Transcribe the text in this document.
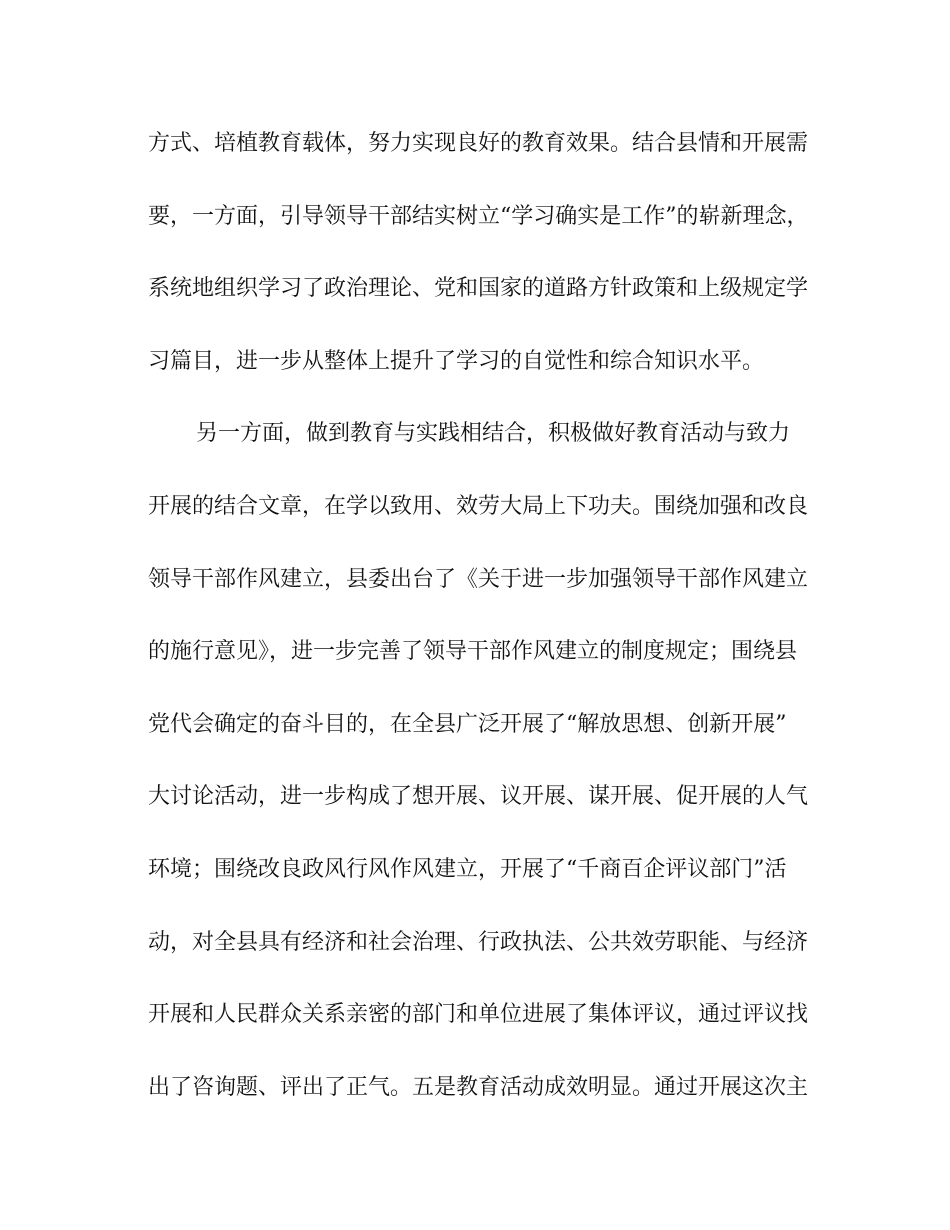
方式、培植教育载体，努力实现良好的教育效果。结合县情和开展需
要，一方面，引导领导干部结实树立“学习确实是工作”的崭新理念，
系统地组织学习了政治理论、党和国家的道路方针政策和上级规定学
习篇目，进一步从整体上提升了学习的自觉性和综合知识水平。
另一方面，做到教育与实践相结合，积极做好教育活动与致力
开展的结合文章，在学以致用、效劳大局上下功夫。围绕加强和改良
领导干部作风建立，县委出台了《关于进一步加强领导干部作风建立
的施行意见》，进一步完善了领导干部作风建立的制度规定；围绕县
党代会确定的奋斗目的，在全县广泛开展了“解放思想、创新开展”
大讨论活动，进一步构成了想开展、议开展、谋开展、促开展的人气
环境；围绕改良政风行风作风建立，开展了“千商百企评议部门”活
动，对全县具有经济和社会治理、行政执法、公共效劳职能、与经济
开展和人民群众关系亲密的部门和单位进展了集体评议，通过评议找
出了咨询题、评出了正气。五是教育活动成效明显。通过开展这次主
